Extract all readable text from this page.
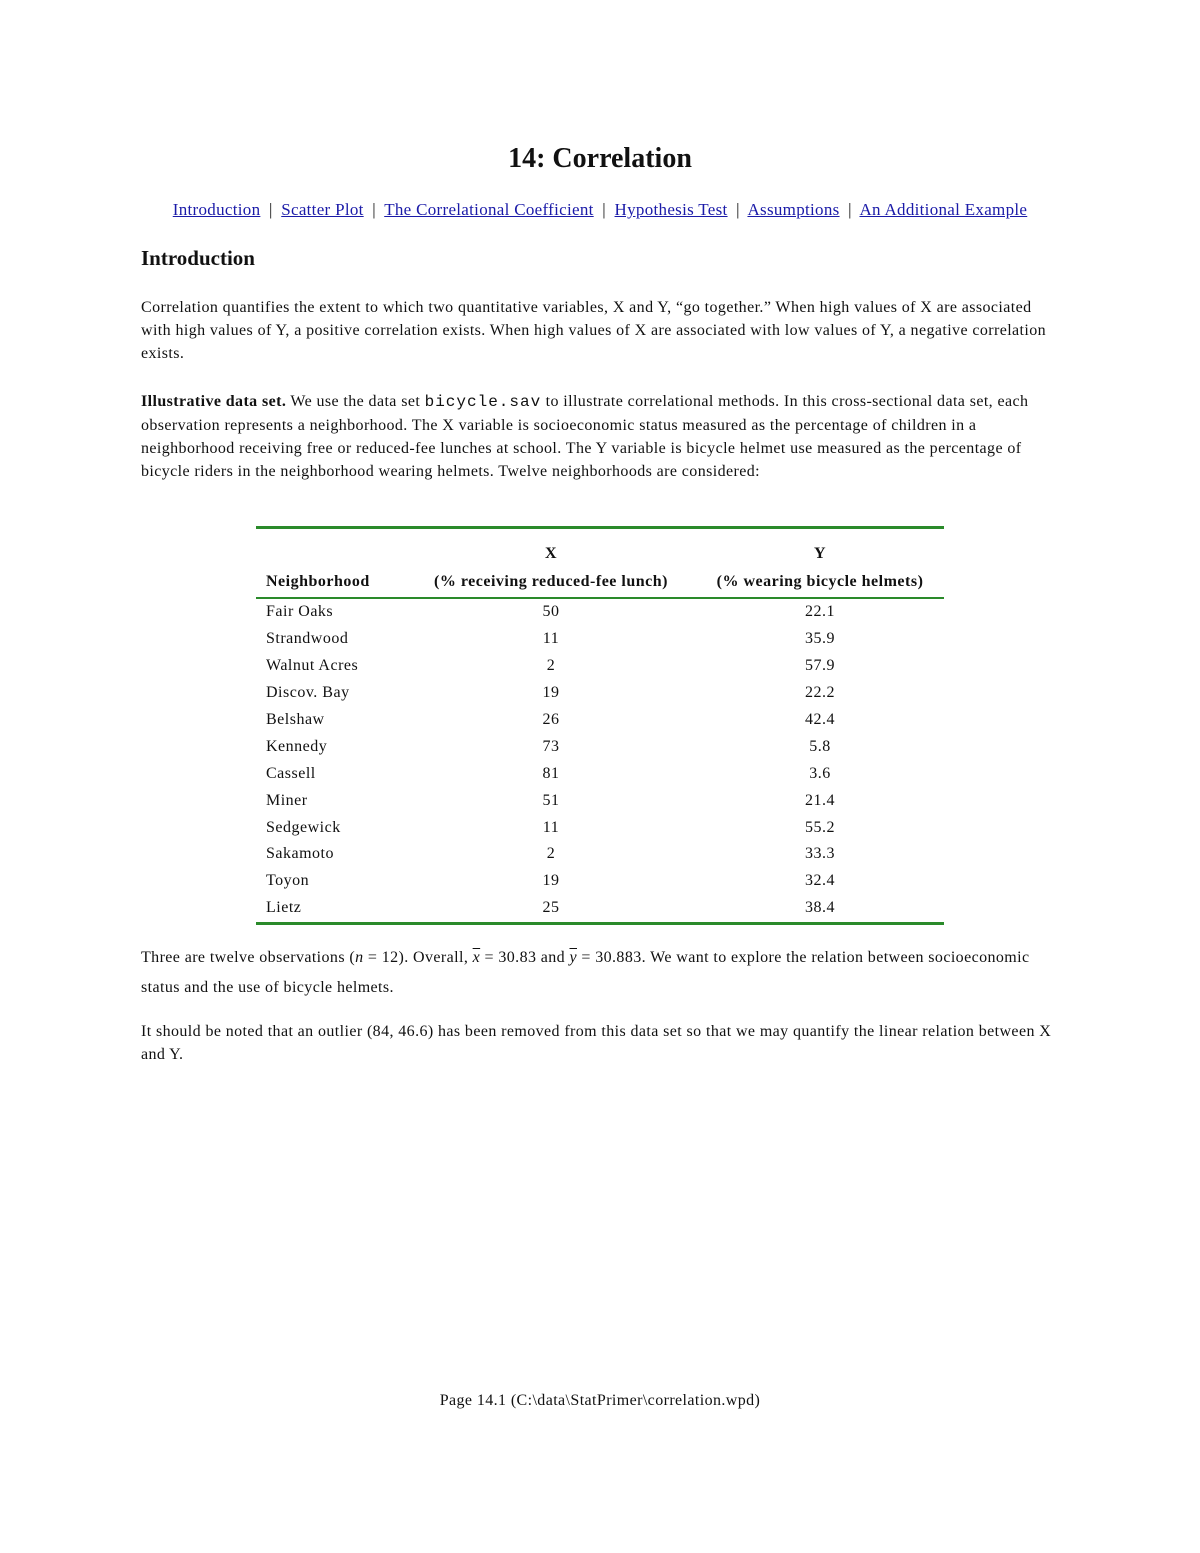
14: Correlation
Introduction | Scatter Plot | The Correlational Coefficient | Hypothesis Test | Assumptions | An Additional Example
Introduction

Correlation quantifies the extent to which two quantitative variables, X and Y, “go together.” When high values of X are associated with high values of Y, a positive correlation exists. When high values of X are associated with low values of Y, a negative correlation exists.

Illustrative data set. We use the data set bicycle.sav to illustrate correlational methods. In this cross-sectional data set, each observation represents a neighborhood. The X variable is socioeconomic status measured as the percentage of children in a neighborhood receiving free or reduced-fee lunches at school. The Y variable is bicycle helmet use measured as the percentage of bicycle riders in the neighborhood wearing helmets. Twelve neighborhoods are considered:

	X	Y
Neighborhood	(% receiving reduced-fee lunch)	(% wearing bicycle helmets)
Fair Oaks	50	22.1
Strandwood	11	35.9
Walnut Acres	2	57.9
Discov. Bay	19	22.2
Belshaw	26	42.4
Kennedy	73	5.8
Cassell	81	3.6
Miner	51	21.4
Sedgewick	11	55.2
Sakamoto	2	33.3
Toyon	19	32.4
Lietz	25	38.4

Three are twelve observations (n = 12). Overall, $\overline{x} = 30.83$ and $\overline{y} = 30.883$. We want to explore the relation between socioeconomic status and the use of bicycle helmets.

It should be noted that an outlier (84, 46.6) has been removed from this data set so that we may quantify the linear relation between X and Y.

Page 14.1 (C:\data\StatPrimer\correlation.wpd)
